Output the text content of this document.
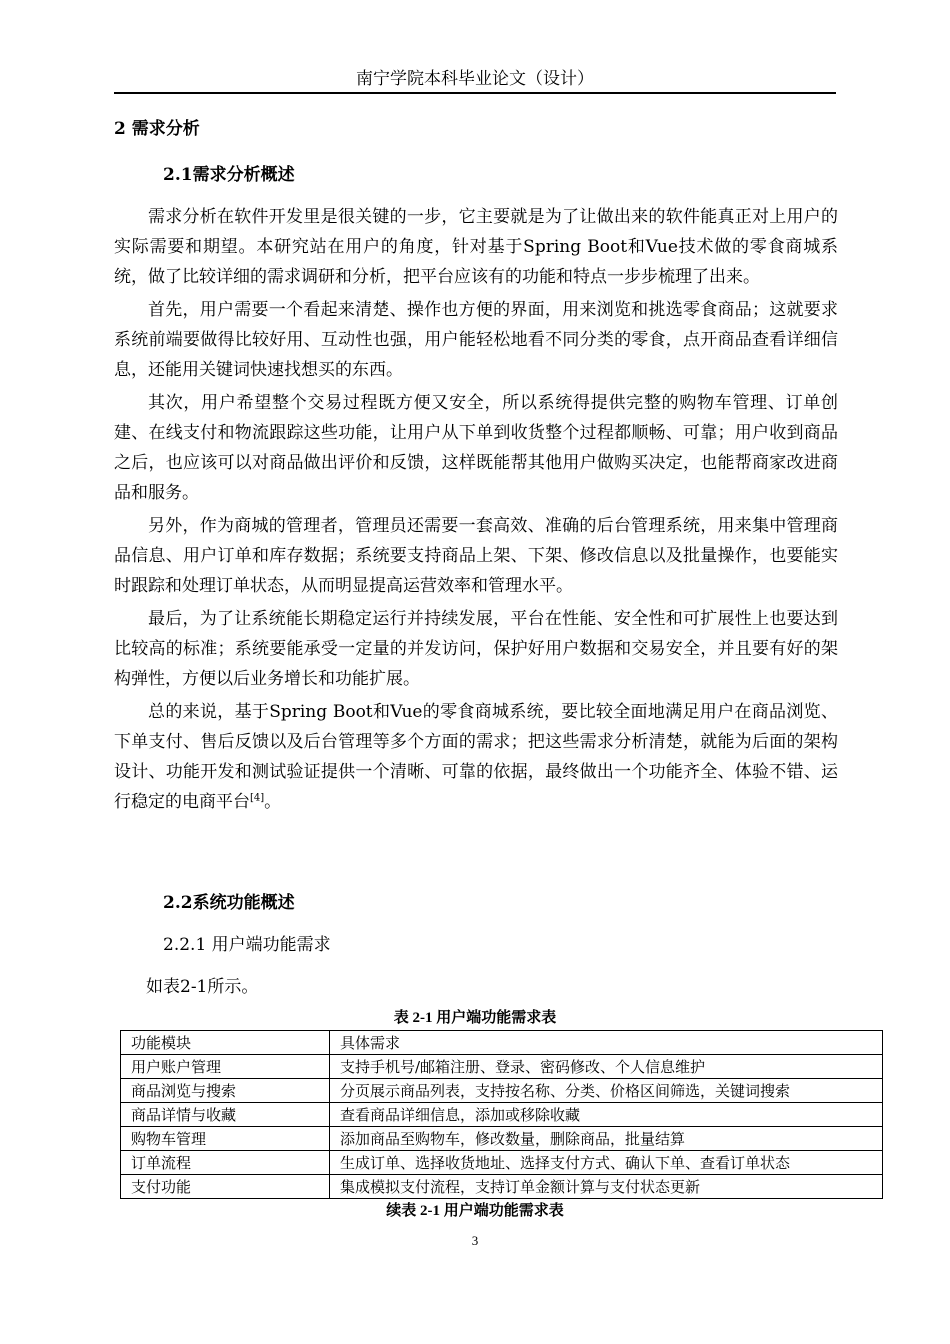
南宁学院本科毕业论文（设计）
2 需求分析
2.1需求分析概述

需求分析在软件开发里是很关键的一步，它主要就是为了让做出来的软件能真正对上用户的实际需要和期望。本研究站在用户的角度，针对基于Spring Boot和Vue技术做的零食商城系统，做了比较详细的需求调研和分析，把平台应该有的功能和特点一步步梳理了出来。

首先，用户需要一个看起来清楚、操作也方便的界面，用来浏览和挑选零食商品；这就要求系统前端要做得比较好用、互动性也强，用户能轻松地看不同分类的零食，点开商品查看详细信息，还能用关键词快速找想买的东西。

其次，用户希望整个交易过程既方便又安全，所以系统得提供完整的购物车管理、订单创建、在线支付和物流跟踪这些功能，让用户从下单到收货整个过程都顺畅、可靠；用户收到商品之后，也应该可以对商品做出评价和反馈，这样既能帮其他用户做购买决定，也能帮商家改进商品和服务。

另外，作为商城的管理者，管理员还需要一套高效、准确的后台管理系统，用来集中管理商品信息、用户订单和库存数据；系统要支持商品上架、下架、修改信息以及批量操作，也要能实时跟踪和处理订单状态，从而明显提高运营效率和管理水平。

最后，为了让系统能长期稳定运行并持续发展，平台在性能、安全性和可扩展性上也要达到比较高的标准；系统要能承受一定量的并发访问，保护好用户数据和交易安全，并且要有好的架构弹性，方便以后业务增长和功能扩展。

总的来说，基于Spring Boot和Vue的零食商城系统，要比较全面地满足用户在商品浏览、下单支付、售后反馈以及后台管理等多个方面的需求；把这些需求分析清楚，就能为后面的架构设计、功能开发和测试验证提供一个清晰、可靠的依据，最终做出一个功能齐全、体验不错、运行稳定的电商平台[4]。

2.2系统功能概述
2.2.1 用户端功能需求
如表2-1所示。
表 2-1 用户端功能需求表
功能模块	具体需求
用户账户管理	支持手机号/邮箱注册、登录、密码修改、个人信息维护
商品浏览与搜索	分页展示商品列表，支持按名称、分类、价格区间筛选，关键词搜索
商品详情与收藏	查看商品详细信息，添加或移除收藏
购物车管理	添加商品至购物车，修改数量，删除商品，批量结算
订单流程	生成订单、选择收货地址、选择支付方式、确认下单、查看订单状态
支付功能	集成模拟支付流程，支持订单金额计算与支付状态更新
续表 2-1 用户端功能需求表
3
